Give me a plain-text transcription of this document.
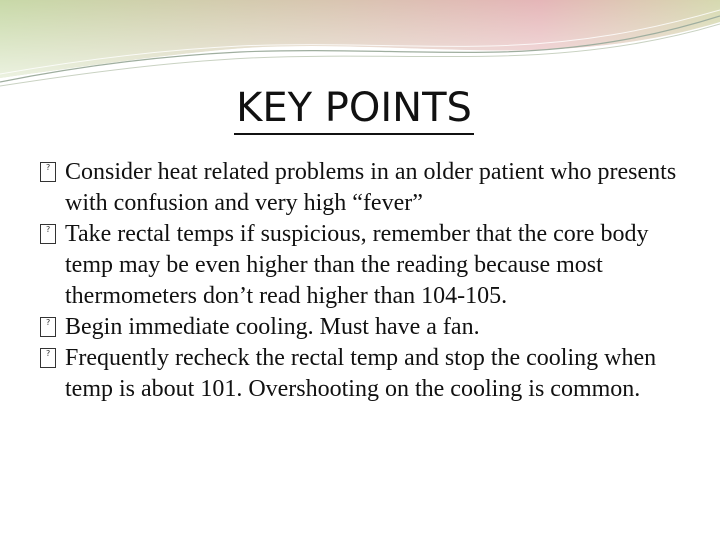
KEY POINTS
? Consider heat related problems in an older patient who presents with confusion and very high “fever”
? Take rectal temps if suspicious, remember that the core body temp may be even higher than the reading because most thermometers don’t read higher than 104-105.
? Begin immediate cooling. Must have a fan.
? Frequently recheck the rectal temp and stop the cooling when temp is about 101. Overshooting on the cooling is common.
